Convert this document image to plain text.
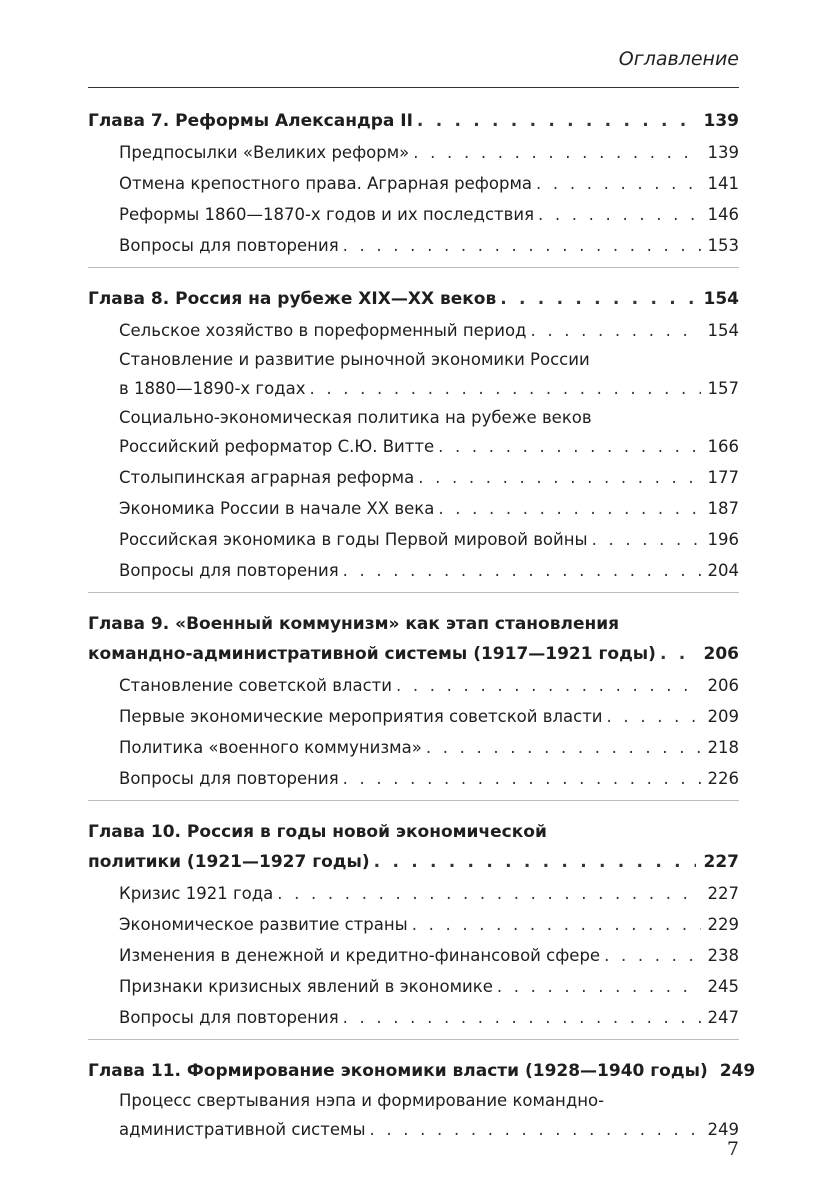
Оглавление
Глава 7. Реформы Александра II . . .	139
Предпосылки «Великих реформ» . . .	139
Отмена крепостного права. Аграрная реформа . . .	141
Реформы 1860—1870-х годов и их последствия . . .	146
Вопросы для повторения . . .	153
Глава 8. Россия на рубеже XIX—XX веков . . .	154
Сельское хозяйство в пореформенный период . . .	154
Становление и развитие рыночной экономики России
в 1880—1890-х годах . . .	157
Социально-экономическая политика на рубеже веков
Российский реформатор С.Ю. Витте . . .	166
Столыпинская аграрная реформа . . .	177
Экономика России в начале XX века . . .	187
Российская экономика в годы Первой мировой войны . . .	196
Вопросы для повторения . . .	204
Глава 9. «Военный коммунизм» как этап становления
командно-административной системы (1917—1921 годы) . . .	206
Становление советской власти . . .	206
Первые экономические мероприятия советской власти . . .	209
Политика «военного коммунизма» . . .	218
Вопросы для повторения . . .	226
Глава 10. Россия в годы новой экономической
политики (1921—1927 годы) . . .	227
Кризис 1921 года . . .	227
Экономическое развитие страны . . .	229
Изменения в денежной и кредитно-финансовой сфере . . .	238
Признаки кризисных явлений в экономике . . .	245
Вопросы для повторения . . .	247
Глава 11. Формирование экономики власти (1928—1940 годы) 249
Процесс свертывания нэпа и формирование командно-
административной системы . . .	249
7
